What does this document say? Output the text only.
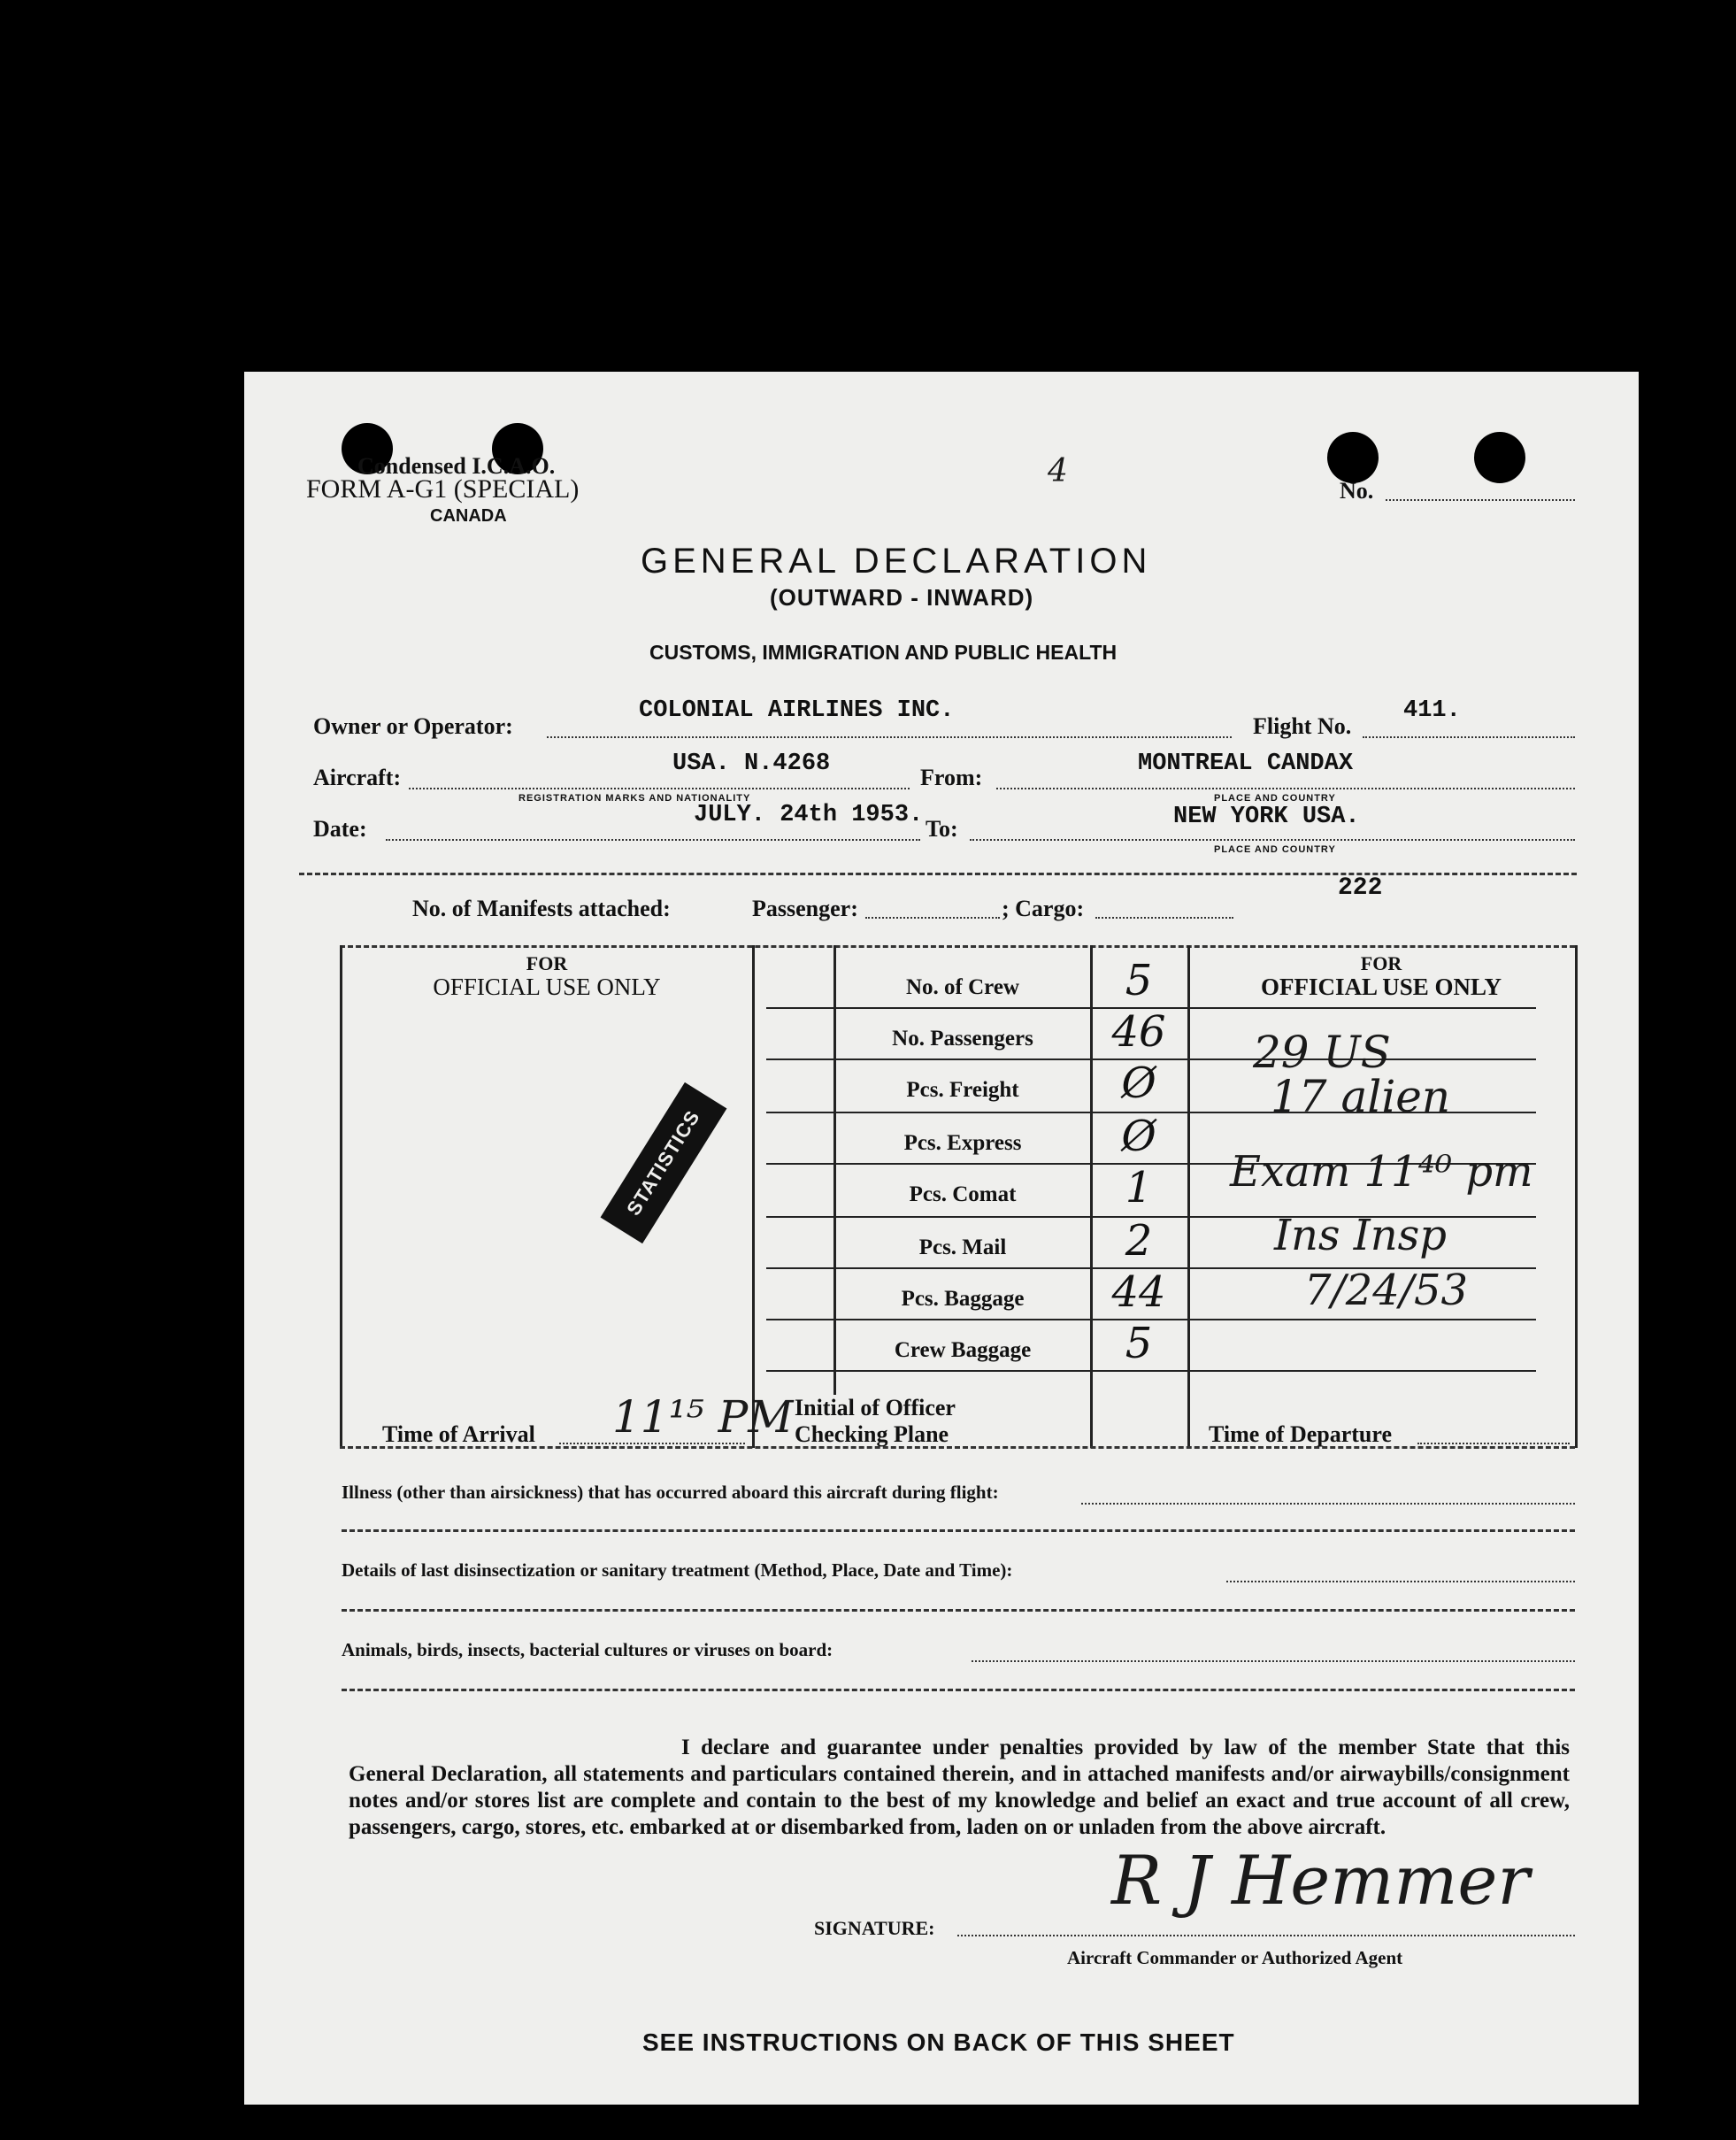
Condensed I.C.A.O.
FORM A-G1 (SPECIAL)
CANADA
4
No.
GENERAL DECLARATION
(OUTWARD - INWARD)
CUSTOMS, IMMIGRATION AND PUBLIC HEALTH
Owner or Operator:
COLONIAL AIRLINES INC.
Flight No.
411.
Aircraft:
USA. N.4268
REGISTRATION MARKS AND NATIONALITY
From:
MONTREAL CANDAX
PLACE AND COUNTRY
Date:
JULY. 24th 1953.
To:	NEW YORK USA.
PLACE AND COUNTRY
222
No. of Manifests attached:	Passenger:	; Cargo:
FOR
OFFICIAL USE ONLY
FOR
OFFICIAL USE ONLY
No. of Crew	5
No. Passengers	46
Pcs. Freight	Ø
Pcs. Express	Ø
Pcs. Comat	1
Pcs. Mail	2
Pcs. Baggage	44
Crew Baggage	5
STATISTICS
29 US
17 alien
Exam 11⁴⁰ pm
Ins Insp
7/24/53
Time of Arrival 11¹⁵ PM Initial of Officer
Checking Plane	Time of Departure
Illness (other than airsickness) that has occurred aboard this aircraft during flight:
Details of last disinsectization or sanitary treatment (Method, Place, Date and Time):
Animals, birds, insects, bacterial cultures or viruses on board:
I declare and guarantee under penalties provided by law of the member State that this General Declaration, all statements and particulars contained therein, and in attached manifests and/or airwaybills/consignment notes and/or stores list are complete and contain to the best of my knowledge and belief an exact and true account of all crew, passengers, cargo, stores, etc. embarked at or disembarked from, laden on or unladen from the above aircraft.
SIGNATURE:
R J Hemmer
Aircraft Commander or Authorized Agent
SEE INSTRUCTIONS ON BACK OF THIS SHEET
